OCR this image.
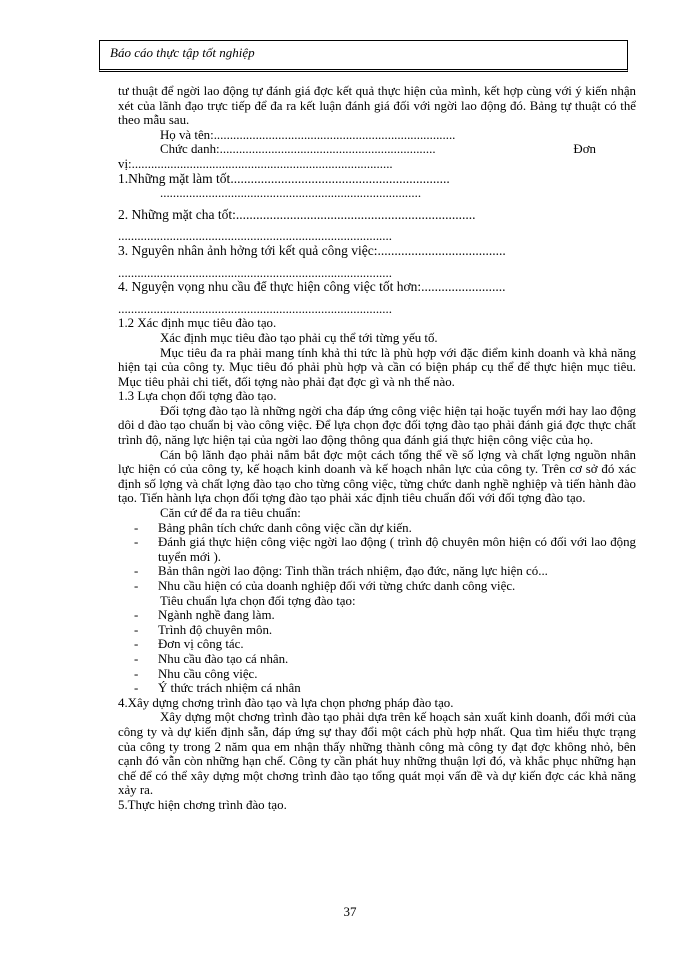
Báo cáo thực tập tốt nghiệp

tư thuật để ngời lao động tự đánh giá đợc kết quả thực hiện của mình, kết hợp cùng với ý kiến nhận xét của lãnh đạo trực tiếp để đa ra kết luận đánh giá đối với ngời lao động đó. Bảng tự thuật có thể theo mẫu sau.

Họ và tên:...........................................................................

Chức danh:...................................................................	Đơn

vị:.................................................................................

1.Những mặt làm tốt.................................................................

.................................................................................

2. Những mặt cha tốt:.......................................................................

.....................................................................................

3. Nguyên nhân ảnh hởng tới kết quả công việc:......................................

.....................................................................................

4. Nguyện vọng nhu cầu để thực hiện công việc tốt hơn:.........................

.....................................................................................

1.2 Xác định mục tiêu đào tạo.

Xác định mục tiêu đào tạo phải cụ thể tới từng yếu tố.

Mục tiêu đa ra phải mang tính khả thi tức là phù hợp với đặc điểm kinh doanh và khả năng hiện tại của công ty. Mục tiêu đó phải phù hợp và cần có biện pháp cụ thể để thực hiện mục tiêu. Mục tiêu phải chi tiết, đối tợng nào phải đạt đợc gì và nh thế nào.

1.3 Lựa chọn đối tợng đào tạo.

Đối tợng đào tạo là những ngời cha đáp ứng công việc hiện tại hoặc tuyển mới hay lao động dôi d đào tạo chuẩn bị vào công việc. Để lựa chọn đợc đối tợng đào tạo phải đánh giá đợc thực chất trình độ, năng lực hiện tại của ngời lao động thông qua đánh giá thực hiện công việc của họ.

Cán bộ lãnh đạo phải nắm bắt đợc một cách tổng thể về số lợng và chất lợng nguồn nhân lực hiện có của công ty, kế hoạch kinh doanh và kế hoạch nhân lực của công ty. Trên cơ sở đó xác định số lợng và chất lợng đào tạo cho từng công việc, từng chức danh nghề nghiệp và tiến hành đào tạo. Tiến hành lựa chọn đối tợng đào tạo phải xác định tiêu chuẩn đối với đối tợng đào tạo.

Căn cứ để đa ra tiêu chuẩn:

- Bảng phân tích chức danh công việc cần dự kiến.
- Đánh giá thực hiện công việc ngời lao động ( trình độ chuyên môn hiện có đối với lao động tuyển mới ).
- Bản thân ngời lao động: Tinh thần trách nhiệm, đạo đức, năng lực hiện có...
- Nhu cầu hiện có của doanh nghiệp đối với từng chức danh công việc.

Tiêu chuẩn lựa chọn đối tợng đào tạo:

- Ngành nghề đang làm.
- Trình độ chuyên môn.
- Đơn vị công tác.
- Nhu cầu đào tạo cá nhân.
- Nhu cầu công việc.
- Ý thức trách nhiệm cá nhân

4.Xây dựng chơng trình đào tạo và lựa chọn phơng pháp đào tạo.

Xây dựng một chơng trình đào tạo phải dựa trên kế hoạch sản xuất kinh doanh, đổi mới của công ty và dự kiến định sẵn, đáp ứng sự thay đổi một cách phù hợp nhất. Qua tìm hiểu thực trạng của công ty trong 2 năm qua em nhận thấy những thành công mà công ty đạt đợc không nhỏ, bên cạnh đó vẫn còn những hạn chế. Công ty cần phát huy những thuận lợi đó, và khắc phục những hạn chế để có thể xây dựng một chơng trình đào tạo tổng quát mọi vấn đề và dự kiến đợc các khả năng xảy ra.

5.Thực hiện chơng trình đào tạo.

37
